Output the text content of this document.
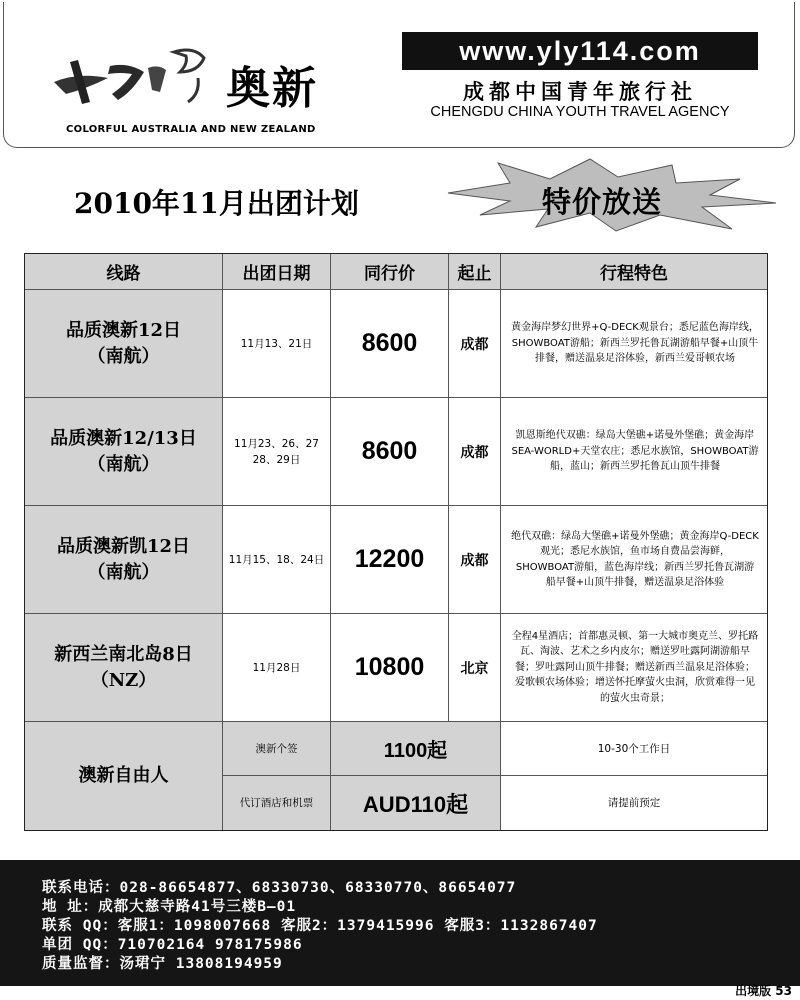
奥新
COLORFUL AUSTRALIA AND NEW ZEALAND
www.yly114.com
成都中国青年旅行社
CHENGDU CHINA YOUTH TRAVEL AGENCY
2010年11月出团计划	特价放送
线路	出团日期	同行价	起止	行程特色
品质澳新12日
（南航）
11月13、21日	8600	成都
黄金海岸梦幻世界+Q-DECK观景台；悉尼蓝色海岸线，SHOWBOAT游船；新西兰罗托鲁瓦湖游船早餐+山顶牛排餐，赠送温泉足浴体验，新西兰爱哥顿农场
品质澳新12/13日
（南航）
11月23、26、27
28、29日	8600	成都
凯恩斯绝代双礁：绿岛大堡礁+诺曼外堡礁；黄金海岸SEA-WORLD+天堂农庄；悉尼水族馆，SHOWBOAT游船，蓝山；新西兰罗托鲁瓦山顶牛排餐
品质澳新凯12日
（南航）
11月15、18、24日	12200	成都
绝代双礁：绿岛大堡礁+诺曼外堡礁；黄金海岸Q-DECK观光；悉尼水族馆，鱼市场自费品尝海鲜，SHOWBOAT游船，蓝色海岸线；新西兰罗托鲁瓦湖游船早餐+山顶牛排餐，赠送温泉足浴体验
新西兰南北岛8日
（NZ）
11月28日	10800	北京
全程4星酒店；首都惠灵顿、第一大城市奥克兰、罗托路瓦、淘波、艺术之乡内皮尔；赠送罗吐露阿湖游船早餐；罗吐露阿山顶牛排餐；赠送新西兰温泉足浴体验；爱歌顿农场体验；增送怀托摩萤火虫洞，欣赏难得一见的萤火虫奇景；
澳新自由人
澳新个签	1100起	10-30个工作日
代订酒店和机票	AUD110起	请提前预定
联系电话：028-86654877、68330730、68330770、86654077
地 址：成都大慈寺路41号三楼B—01
联系 QQ：客服1：1098007668 客服2：1379415996 客服3：1132867407
单团 QQ：710702164 978175986
质量监督：汤珺宁 13808194959
出境版 53
